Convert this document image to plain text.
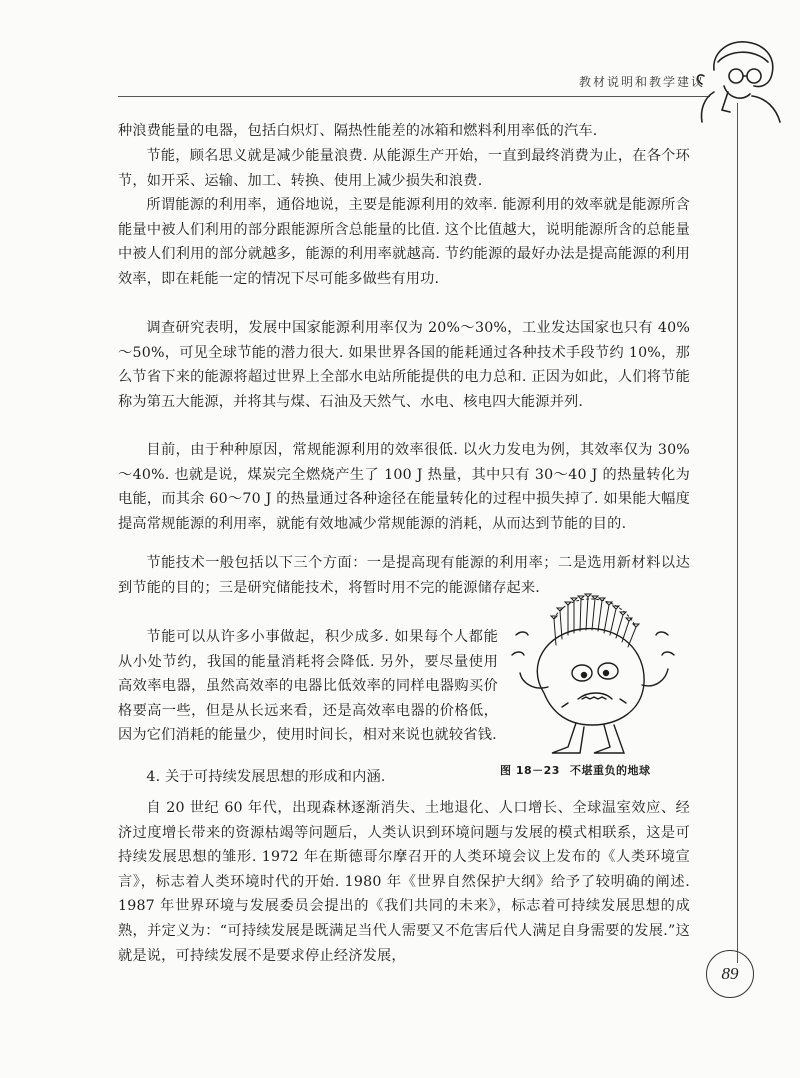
教材说明和教学建议

种浪费能量的电器，包括白炽灯、隔热性能差的冰箱和燃料利用率低的汽车.

节能，顾名思义就是减少能量浪费. 从能源生产开始，一直到最终消费为止，在各个环节，如开采、运输、加工、转换、使用上减少损失和浪费.

所谓能源的利用率，通俗地说，主要是能源利用的效率. 能源利用的效率就是能源所含能量中被人们利用的部分跟能源所含总能量的比值. 这个比值越大，说明能源所含的总能量中被人们利用的部分就越多，能源的利用率就越高. 节约能源的最好办法是提高能源的利用效率，即在耗能一定的情况下尽可能多做些有用功.

调查研究表明，发展中国家能源利用率仅为 20%～30%，工业发达国家也只有 40%～50%，可见全球节能的潜力很大. 如果世界各国的能耗通过各种技术手段节约 10%，那么节省下来的能源将超过世界上全部水电站所能提供的电力总和. 正因为如此，人们将节能称为第五大能源，并将其与煤、石油及天然气、水电、核电四大能源并列.

目前，由于种种原因，常规能源利用的效率很低. 以火力发电为例，其效率仅为 30%～40%. 也就是说，煤炭完全燃烧产生了 100 J 热量，其中只有 30～40 J 的热量转化为电能，而其余 60～70 J 的热量通过各种途径在能量转化的过程中损失掉了. 如果能大幅度提高常规能源的利用率，就能有效地减少常规能源的消耗，从而达到节能的目的.

节能技术一般包括以下三个方面：一是提高现有能源的利用率；二是选用新材料以达到节能的目的；三是研究储能技术，将暂时用不完的能源储存起来.

节能可以从许多小事做起，积少成多. 如果每个人都能从小处节约，我国的能量消耗将会降低. 另外，要尽量使用高效率电器，虽然高效率的电器比低效率的同样电器购买价格要高一些，但是从长远来看，还是高效率电器的价格低，因为它们消耗的能量少，使用时间长，相对来说也就较省钱.

4. 关于可持续发展思想的形成和内涵.

自 20 世纪 60 年代，出现森林逐渐消失、土地退化、人口增长、全球温室效应、经济过度增长带来的资源枯竭等问题后，人类认识到环境问题与发展的模式相联系，这是可持续发展思想的雏形. 1972 年在斯德哥尔摩召开的人类环境会议上发布的《人类环境宣言》，标志着人类环境时代的开始. 1980 年《世界自然保护大纲》给予了较明确的阐述. 1987 年世界环境与发展委员会提出的《我们共同的未来》，标志着可持续发展思想的成熟，并定义为：“可持续发展是既满足当代人需要又不危害后代人满足自身需要的发展.”这就是说，可持续发展不是要求停止经济发展，

图 18－23 不堪重负的地球
89
